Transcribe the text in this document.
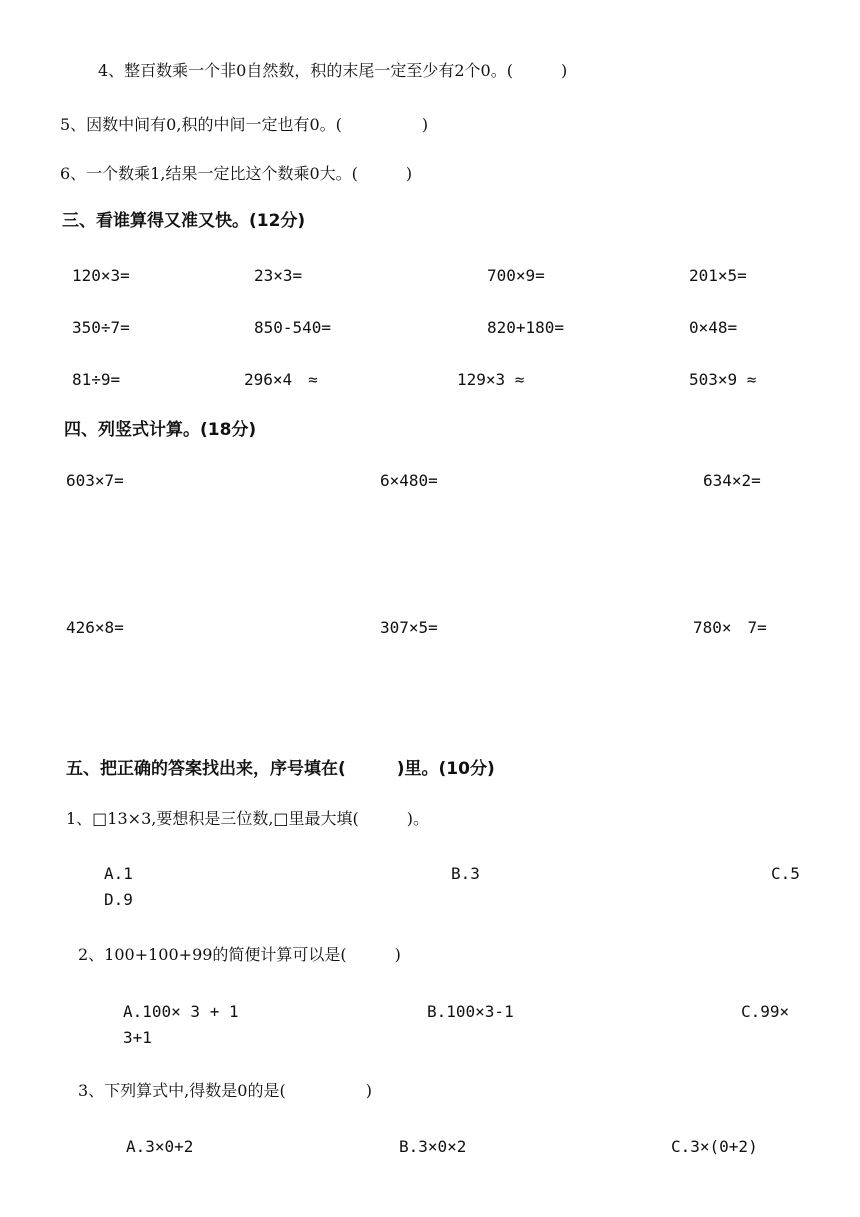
4、整百数乘一个非0自然数，积的末尾一定至少有2个0。(　　　)
5、因数中间有0,积的中间一定也有0。(　　　　　)
6、一个数乘1,结果一定比这个数乘0大。(　　　)
三、看谁算得又准又快。(12分)
120×3=	23×3=	700×9=	201×5=
350÷7=	850-540=	820+180=	0×48=
81÷9=	296×4　≈	129×3 ≈	503×9 ≈
四、列竖式计算。(18分)
603×7=	6×480=	634×2=
426×8=	307×5=	780×　7=
五、把正确的答案找出来，序号填在(　　　)里。(10分)
1、□13×3,要想积是三位数,□里最大填(　　　)。
A.1	B.3	C.5
D.9
2、100+100+99的简便计算可以是(　　　)
A.100× 3 + 1	B.100×3-1	C.99×
3+1
3、下列算式中,得数是0的是(　　　　　)
A.3×0+2	B.3×0×2	C.3×(0+2)
